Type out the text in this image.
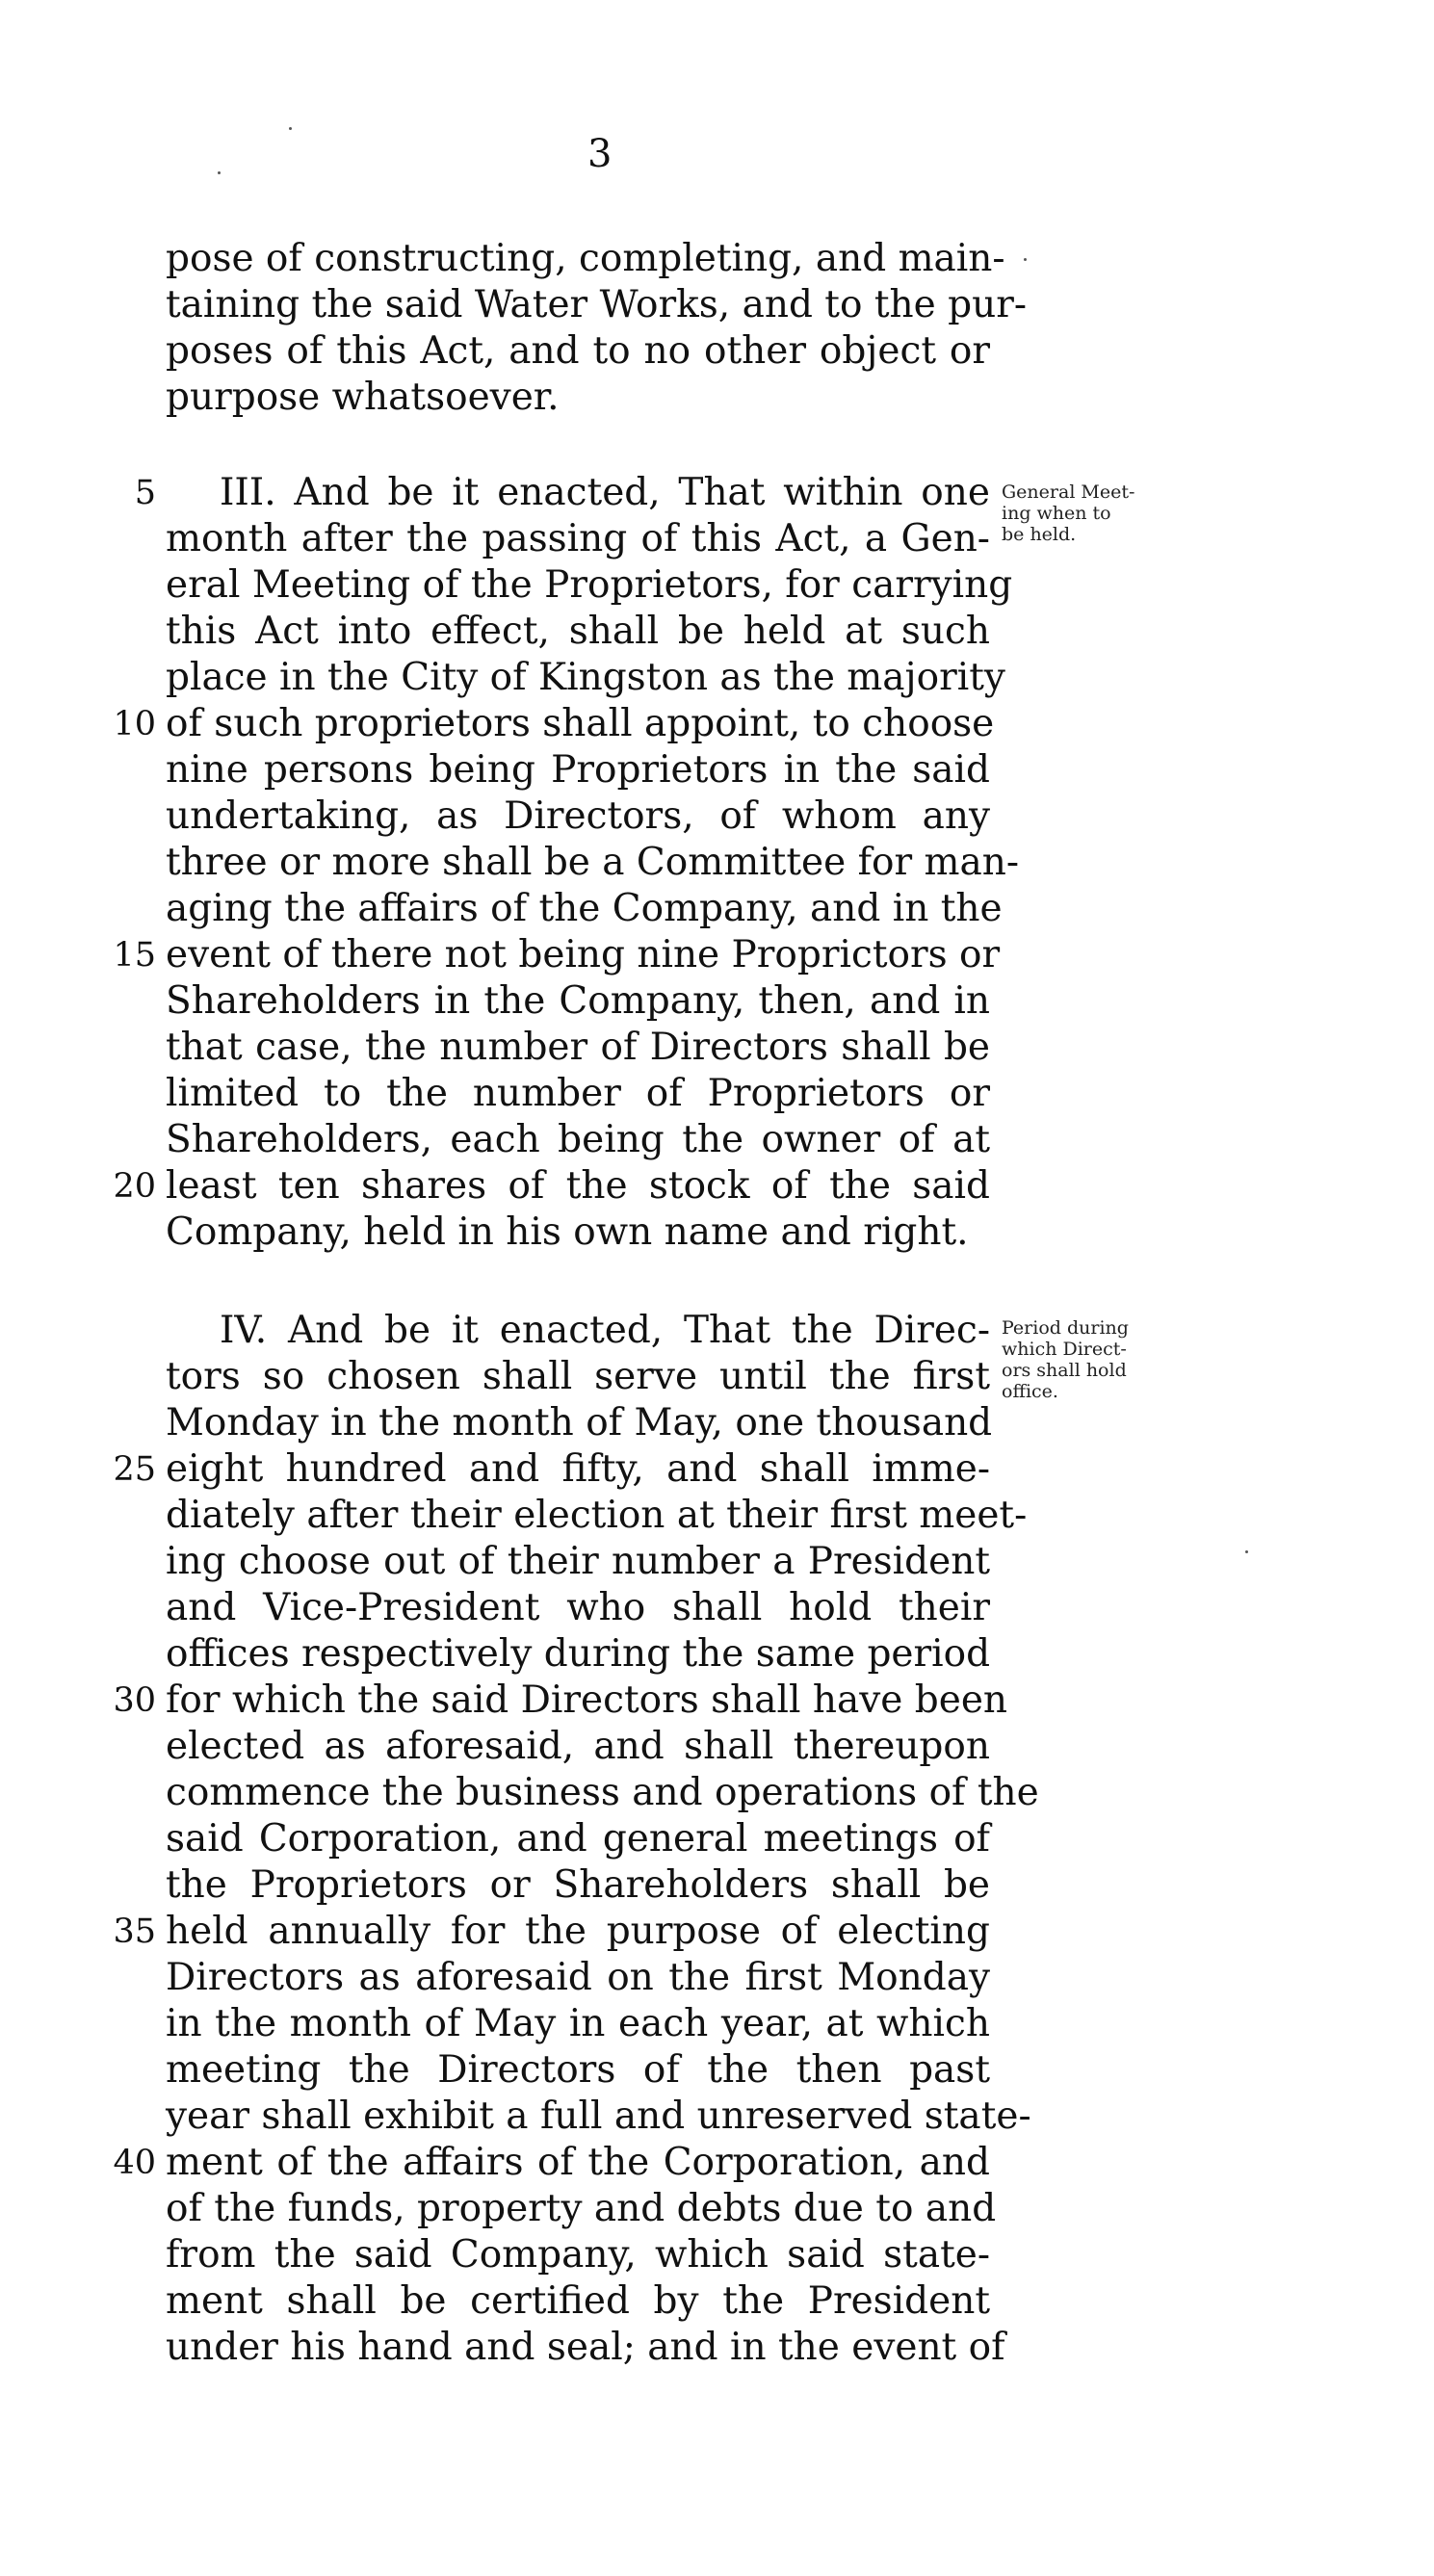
3
pose of constructing, completing, and main-
taining the said Water Works, and to the pur-
poses of this Act, and to no other object or
purpose whatsoever.
5 III. And be it enacted, That within one
month after the passing of this Act, a Gen-
eral Meeting of the Proprietors, for carrying
this Act into effect, shall be held at such
place in the City of Kingston as the majority
10 of such proprietors shall appoint, to choose
nine persons being Proprietors in the said
undertaking, as Directors, of whom any
three or more shall be a Committee for man-
aging the affairs of the Company, and in the
15 event of there not being nine Proprictors or
Shareholders in the Company, then, and in
that case, the number of Directors shall be
limited to the number of Proprietors or
Shareholders, each being the owner of at
20 least ten shares of the stock of the said
Company, held in his own name and right.
IV. And be it enacted, That the Direc-
tors so chosen shall serve until the first
Monday in the month of May, one thousand
25 eight hundred and fifty, and shall imme-
diately after their election at their first meet-
ing choose out of their number a President
and Vice-President who shall hold their
offices respectively during the same period
30 for which the said Directors shall have been
elected as aforesaid, and shall thereupon
commence the business and operations of the
said Corporation, and general meetings of
the Proprietors or Shareholders shall be
35 held annually for the purpose of electing
Directors as aforesaid on the first Monday
in the month of May in each year, at which
meeting the Directors of the then past
year shall exhibit a full and unreserved state-
40 ment of the affairs of the Corporation, and
of the funds, property and debts due to and
from the said Company, which said state-
ment shall be certified by the President
under his hand and seal; and in the event of
General Meet-
ing when to
be held.
Period during
which Direct-
ors shall hold
office.
